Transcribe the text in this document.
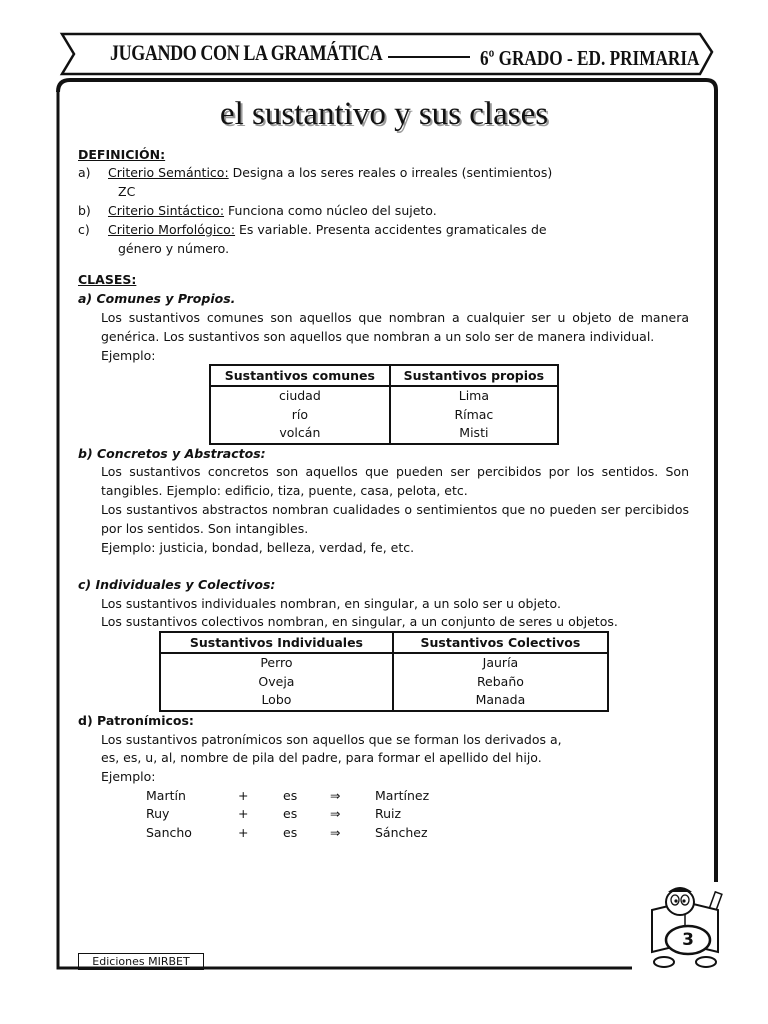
JUGANDO CON LA GRAMÁTICA	6º GRADO - ED. PRIMARIA
el sustantivo y sus clases
DEFINICIÓN:
a) Criterio Semántico: Designa a los seres reales o irreales (sentimientos)
ZC
b) Criterio Sintáctico: Funciona como núcleo del sujeto.
c) Criterio Morfológico: Es variable. Presenta accidentes gramaticales de
género y número.
CLASES:
a) Comunes y Propios.
Los sustantivos comunes son aquellos que nombran a cualquier ser u objeto de manera genérica. Los sustantivos son aquellos que nombran a un solo ser de manera individual.
Ejemplo:
Sustantivos comunes	Sustantivos propios
ciudad	Lima
río	Rímac
volcán	Misti
b) Concretos y Abstractos:
Los sustantivos concretos son aquellos que pueden ser percibidos por los sentidos. Son tangibles. Ejemplo: edificio, tiza, puente, casa, pelota, etc.
Los sustantivos abstractos nombran cualidades o sentimientos que no pueden ser percibidos por los sentidos. Son intangibles.
Ejemplo: justicia, bondad, belleza, verdad, fe, etc.
c) Individuales y Colectivos:
Los sustantivos individuales nombran, en singular, a un solo ser u objeto.
Los sustantivos colectivos nombran, en singular, a un conjunto de seres u objetos.
Sustantivos Individuales	Sustantivos Colectivos
Perro	Jauría
Oveja	Rebaño
Lobo	Manada
d) Patronímicos:
Los sustantivos patronímicos son aquellos que se forman los derivados a,
es, es, u, al, nombre de pila del padre, para formar el apellido del hijo.
Ejemplo:
Martín	+	es	⇒	Martínez
Ruy	+	es	⇒	Ruiz
Sancho	+	es	⇒	Sánchez
Ediciones MIRBET
3
